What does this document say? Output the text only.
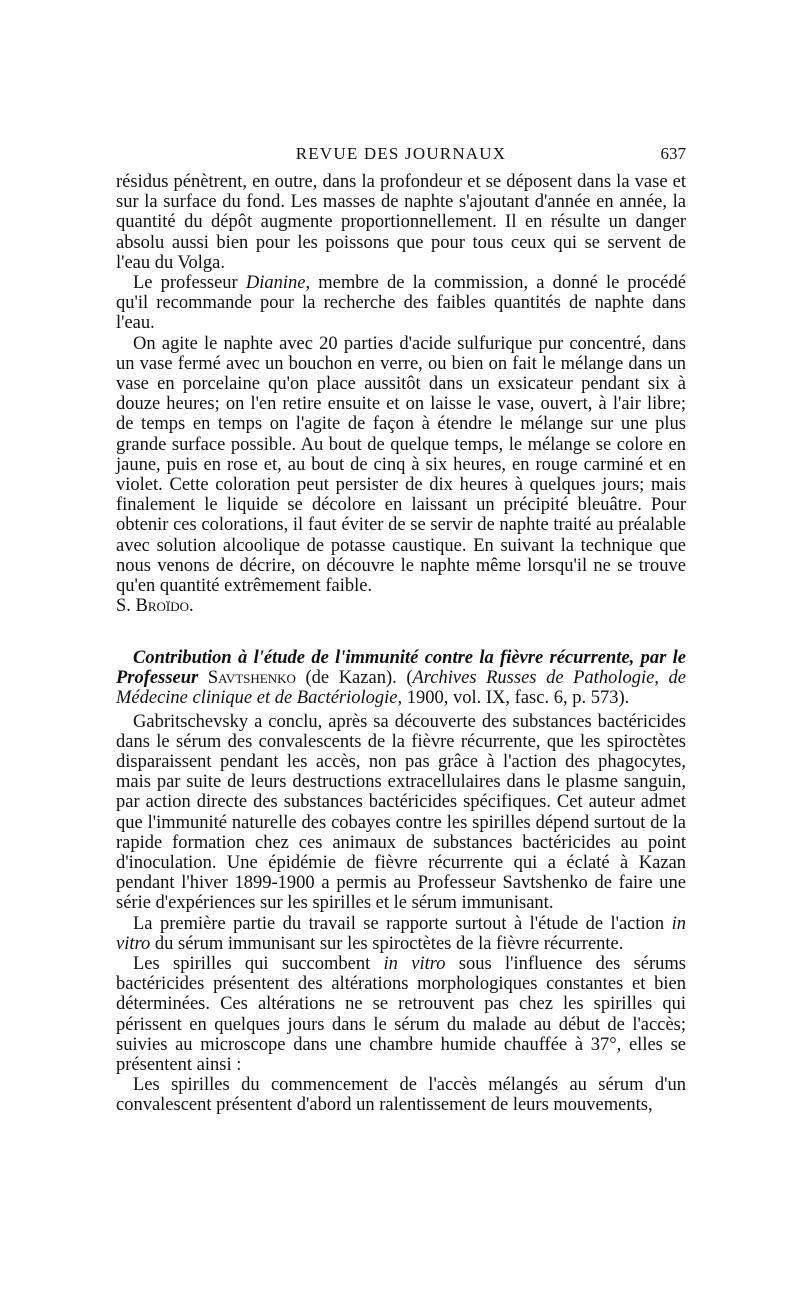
REVUE DES JOURNAUX	637

résidus pénètrent, en outre, dans la profondeur et se déposent dans la vase et sur la surface du fond. Les masses de naphte s'ajoutant d'année en année, la quantité du dépôt augmente proportionnellement. Il en résulte un danger absolu aussi bien pour les poissons que pour tous ceux qui se servent de l'eau du Volga.

Le professeur Dianine, membre de la commission, a donné le procédé qu'il recommande pour la recherche des faibles quantités de naphte dans l'eau.

On agite le naphte avec 20 parties d'acide sulfurique pur concentré, dans un vase fermé avec un bouchon en verre, ou bien on fait le mélange dans un vase en porcelaine qu'on place aussitôt dans un exsicateur pendant six à douze heures; on l'en retire ensuite et on laisse le vase, ouvert, à l'air libre; de temps en temps on l'agite de façon à étendre le mélange sur une plus grande surface possible. Au bout de quelque temps, le mélange se colore en jaune, puis en rose et, au bout de cinq à six heures, en rouge carminé et en violet. Cette coloration peut persister de dix heures à quelques jours; mais finalement le liquide se décolore en laissant un précipité bleuâtre. Pour obtenir ces colorations, il faut éviter de se servir de naphte traité au préalable avec solution alcoolique de potasse caustique. En suivant la technique que nous venons de décrire, on découvre le naphte même lorsqu'il ne se trouve qu'en quantité extrêmement faible.

S. Broïdo.

Contribution à l'étude de l'immunité contre la fièvre récurrente, par le Professeur Savtshenko (de Kazan). (Archives Russes de Pathologie, de Médecine clinique et de Bactériologie, 1900, vol. IX, fasc. 6, p. 573).

Gabritschevsky a conclu, après sa découverte des substances bactéricides dans le sérum des convalescents de la fièvre récurrente, que les spiroctètes disparaissent pendant les accès, non pas grâce à l'action des phagocytes, mais par suite de leurs destructions extracellulaires dans le plasme sanguin, par action directe des substances bactéricides spécifiques. Cet auteur admet que l'immunité naturelle des cobayes contre les spirilles dépend surtout de la rapide formation chez ces animaux de substances bactéricides au point d'inoculation. Une épidémie de fièvre récurrente qui a éclaté à Kazan pendant l'hiver 1899-1900 a permis au Professeur Savtshenko de faire une série d'expériences sur les spirilles et le sérum immunisant.

La première partie du travail se rapporte surtout à l'étude de l'action in vitro du sérum immunisant sur les spiroctètes de la fièvre récurrente.

Les spirilles qui succombent in vitro sous l'influence des sérums bactéricides présentent des altérations morphologiques constantes et bien déterminées. Ces altérations ne se retrouvent pas chez les spirilles qui périssent en quelques jours dans le sérum du malade au début de l'accès; suivies au microscope dans une chambre humide chauffée à 37°, elles se présentent ainsi :

Les spirilles du commencement de l'accès mélangés au sérum d'un convalescent présentent d'abord un ralentissement de leurs mouvements,
